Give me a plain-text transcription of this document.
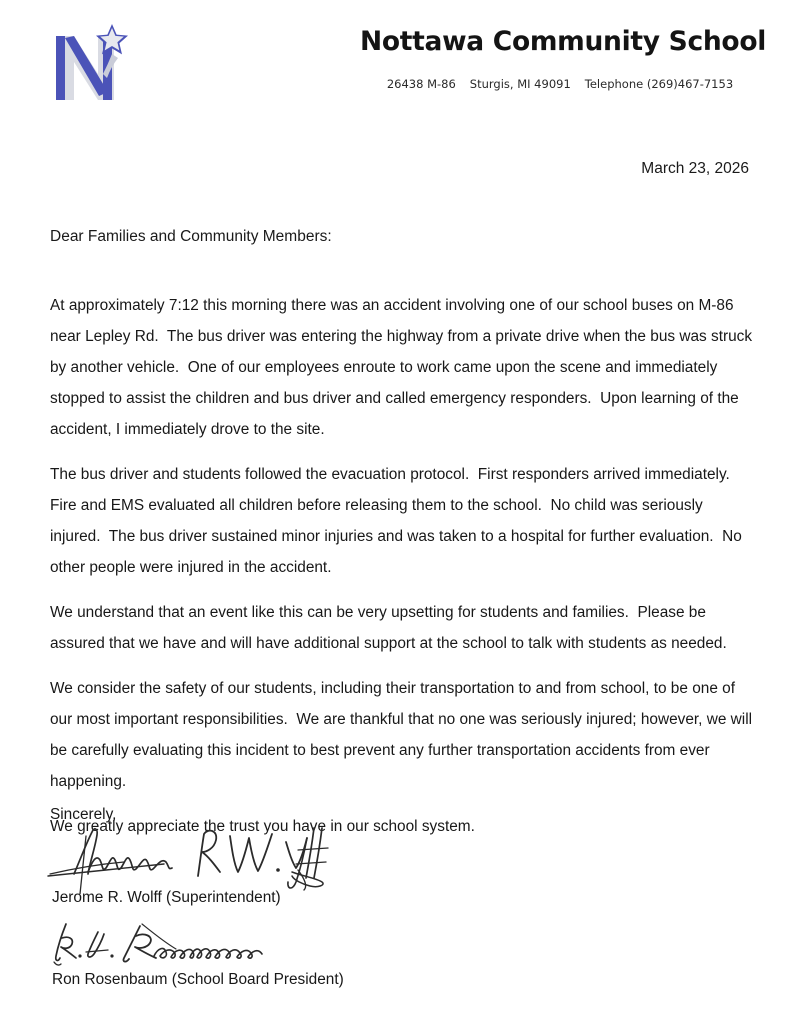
Nottawa Community School
26438 M-86 Sturgis, MI 49091 Telephone (269)467-7153
March 23, 2026
Dear Families and Community Members:

At approximately 7:12 this morning there was an accident involving one of our school buses on M-86 near Lepley Rd.  The bus driver was entering the highway from a private drive when the bus was struck by another vehicle.  One of our employees enroute to work came upon the scene and immediately stopped to assist the children and bus driver and called emergency responders.  Upon learning of the accident, I immediately drove to the site.

The bus driver and students followed the evacuation protocol.  First responders arrived immediately.  Fire and EMS evaluated all children before releasing them to the school.  No child was seriously injured.  The bus driver sustained minor injuries and was taken to a hospital for further evaluation.  No other people were injured in the accident.

We understand that an event like this can be very upsetting for students and families.  Please be assured that we have and will have additional support at the school to talk with students as needed.

We consider the safety of our students, including their transportation to and from school, to be one of our most important responsibilities.  We are thankful that no one was seriously injured; however, we will be carefully evaluating this incident to best prevent any further transportation accidents from ever happening.

We greatly appreciate the trust you have in our school system.

Sincerely,
Jerome R. Wolff (Superintendent)
Ron Rosenbaum (School Board President)
